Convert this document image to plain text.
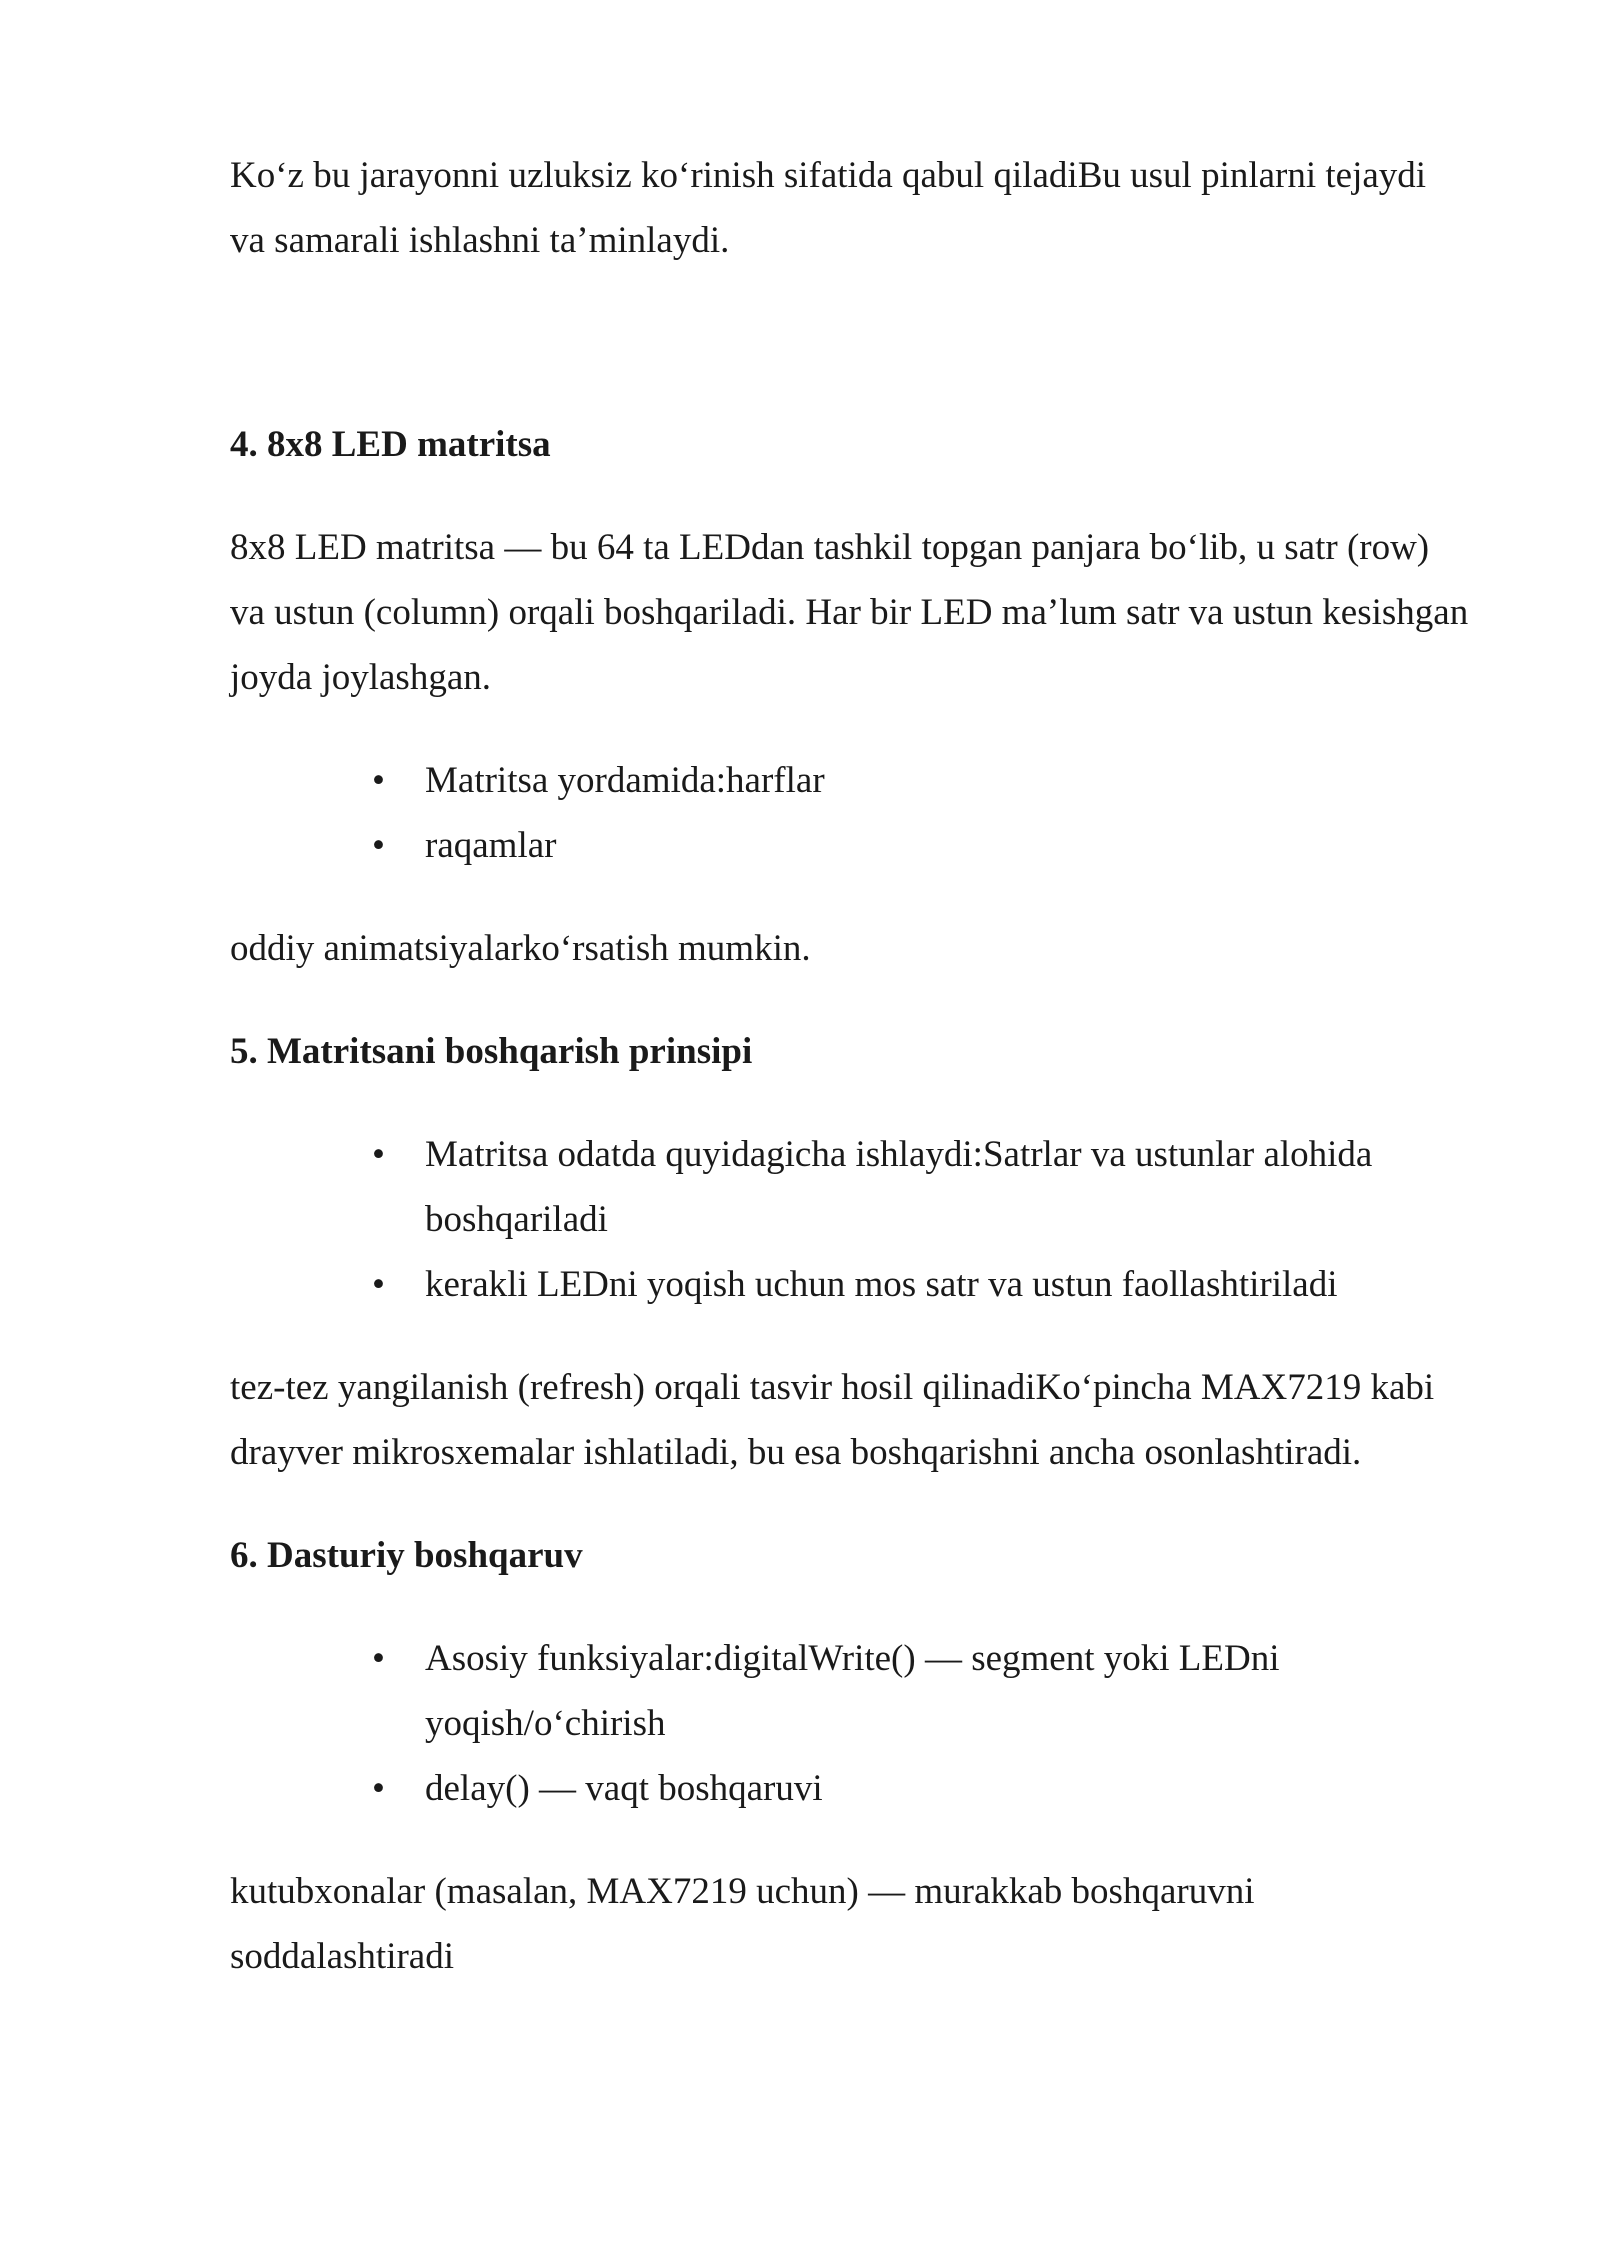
Ko‘z bu jarayonni uzluksiz ko‘rinish sifatida qabul qiladiBu usul pinlarni tejaydi va samarali ishlashni ta’minlaydi.

4. 8x8 LED matritsa

8x8 LED matritsa — bu 64 ta LEDdan tashkil topgan panjara bo‘lib, u satr (row) va ustun (column) orqali boshqariladi. Har bir LED ma’lum satr va ustun kesishgan joyda joylashgan.

• Matritsa yordamida:harflar
• raqamlar

oddiy animatsiyalarko‘rsatish mumkin.

5. Matritsani boshqarish prinsipi

• Matritsa odatda quyidagicha ishlaydi:Satrlar va ustunlar alohida boshqariladi
• kerakli LEDni yoqish uchun mos satr va ustun faollashtiriladi

tez-tez yangilanish (refresh) orqali tasvir hosil qilinadiKo‘pincha MAX7219 kabi drayver mikrosxemalar ishlatiladi, bu esa boshqarishni ancha osonlashtiradi.

6. Dasturiy boshqaruv

• Asosiy funksiyalar:digitalWrite() — segment yoki LEDni yoqish/o‘chirish
• delay() — vaqt boshqaruvi

kutubxonalar (masalan, MAX7219 uchun) — murakkab boshqaruvni soddalashtiradi
